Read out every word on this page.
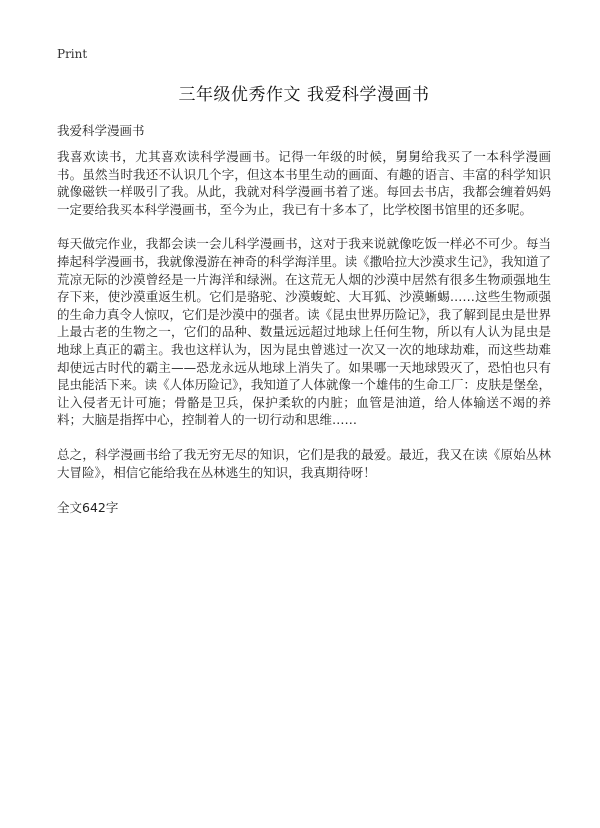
Print
三年级优秀作文 我爱科学漫画书

我爱科学漫画书

我喜欢读书，尤其喜欢读科学漫画书。记得一年级的时候，舅舅给我买了一本科学漫画书。虽然当时我还不认识几个字，但这本书里生动的画面、有趣的语言、丰富的科学知识就像磁铁一样吸引了我。从此，我就对科学漫画书着了迷。每回去书店，我都会缠着妈妈一定要给我买本科学漫画书，至今为止，我已有十多本了，比学校图书馆里的还多呢。

每天做完作业，我都会读一会儿科学漫画书，这对于我来说就像吃饭一样必不可少。每当捧起科学漫画书，我就像漫游在神奇的科学海洋里。读《撒哈拉大沙漠求生记》，我知道了荒凉无际的沙漠曾经是一片海洋和绿洲。在这荒无人烟的沙漠中居然有很多生物顽强地生存下来，使沙漠重返生机。它们是骆驼、沙漠蝮蛇、大耳狐、沙漠蜥蜴……这些生物顽强的生命力真令人惊叹，它们是沙漠中的强者。读《昆虫世界历险记》，我了解到昆虫是世界上最古老的生物之一，它们的品种、数量远远超过地球上任何生物，所以有人认为昆虫是地球上真正的霸主。我也这样认为，因为昆虫曾逃过一次又一次的地球劫难，而这些劫难却使远古时代的霸主——恐龙永远从地球上消失了。如果哪一天地球毁灭了，恐怕也只有昆虫能活下来。读《人体历险记》，我知道了人体就像一个雄伟的生命工厂：皮肤是堡垒，让入侵者无计可施；骨骼是卫兵，保护柔软的内脏；血管是油道，给人体输送不竭的养料；大脑是指挥中心，控制着人的一切行动和思维……

总之，科学漫画书给了我无穷无尽的知识，它们是我的最爱。最近，我又在读《原始丛林大冒险》，相信它能给我在丛林逃生的知识，我真期待呀！

全文642字
